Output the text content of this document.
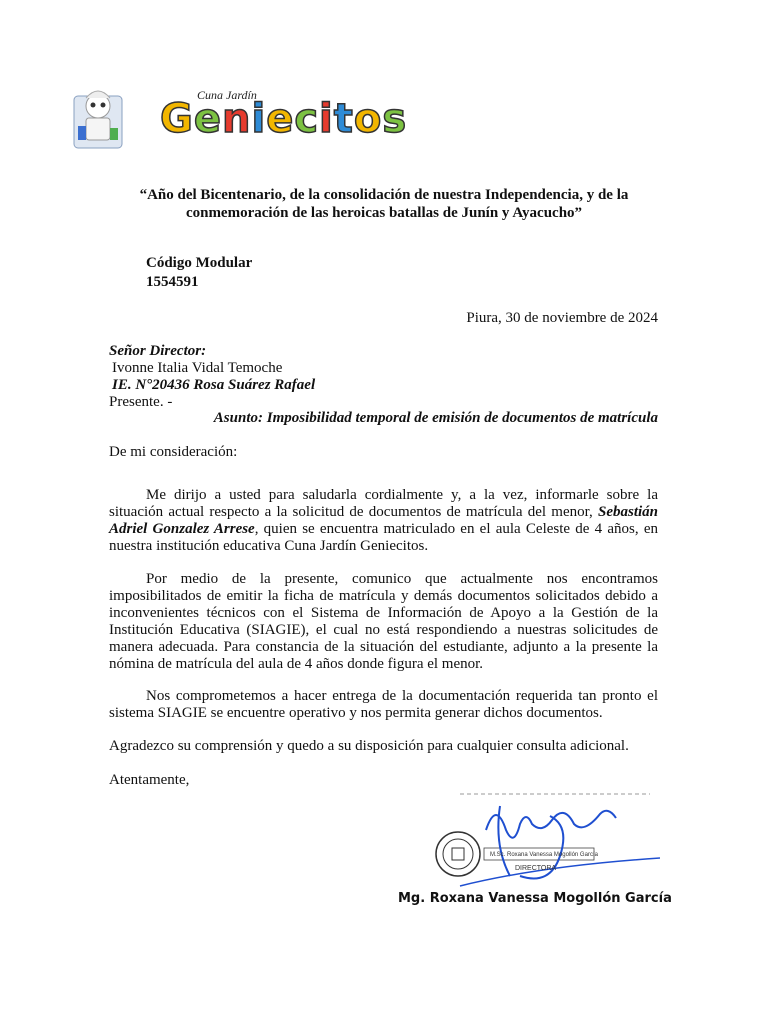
Cuna Jardín
Geniecitos
“Año del Bicentenario, de la consolidación de nuestra Independencia, y de la
conmemoración de las heroicas batallas de Junín y Ayacucho”
Código Modular
1554591
Piura, 30 de noviembre de 2024
Señor Director:
Ivonne Italia Vidal Temoche
IE. N°20436 Rosa Suárez Rafael
Presente. -
Asunto: Imposibilidad temporal de emisión de documentos de matrícula
De mi consideración:
Me dirijo a usted para saludarla cordialmente y, a la vez, informarle sobre la situación actual respecto a la solicitud de documentos de matrícula del menor, Sebastián Adriel Gonzalez Arrese, quien se encuentra matriculado en el aula Celeste de 4 años, en nuestra institución educativa Cuna Jardín Geniecitos.
Por medio de la presente, comunico que actualmente nos encontramos imposibilitados de emitir la ficha de matrícula y demás documentos solicitados debido a inconvenientes técnicos con el Sistema de Información de Apoyo a la Gestión de la Institución Educativa (SIAGIE), el cual no está respondiendo a nuestras solicitudes de manera adecuada. Para constancia de la situación del estudiante, adjunto a la presente la nómina de matrícula del aula de 4 años donde figura el menor.
Nos comprometemos a hacer entrega de la documentación requerida tan pronto el sistema SIAGIE se encuentre operativo y nos permita generar dichos documentos.
Agradezco su comprensión y quedo a su disposición para cualquier consulta adicional.
Atentamente,
M.Sc. Roxana Vanessa Mogollón García
DIRECTORA
Mg. Roxana Vanessa Mogollón García
